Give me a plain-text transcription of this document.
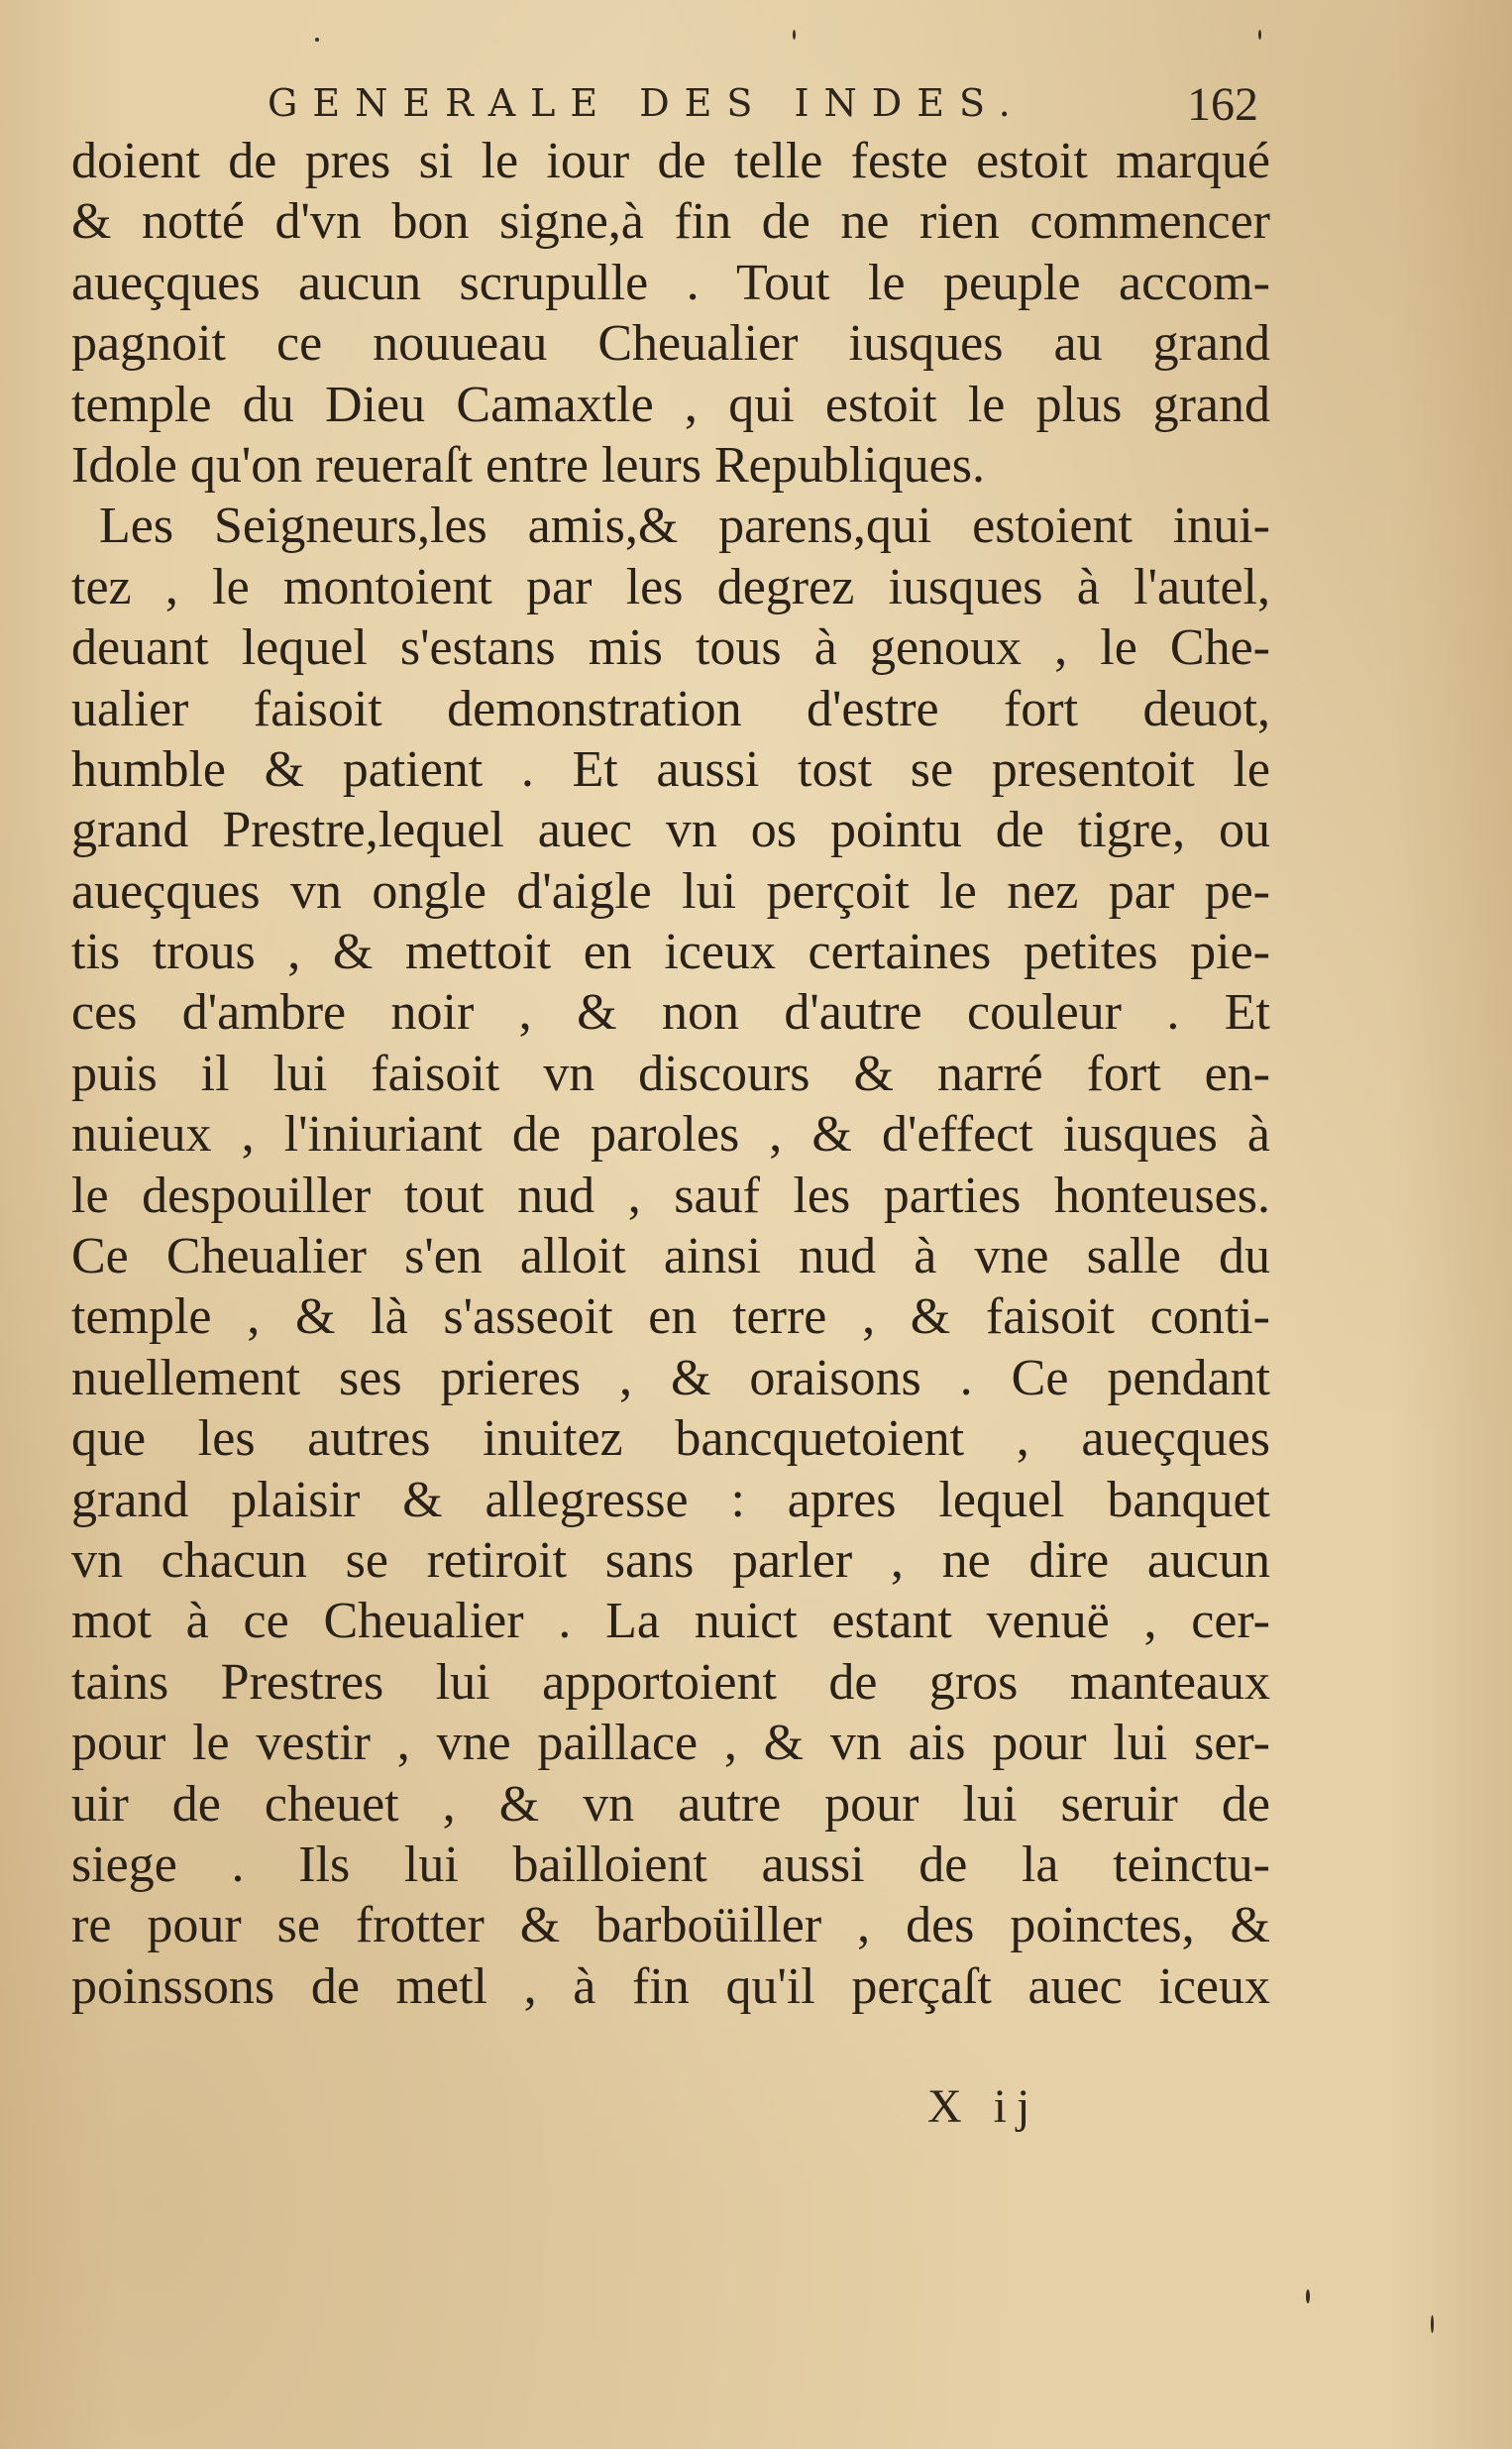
GENERALE DES INDES.	162
doient de pres si le iour de telle feste estoit marqué
& notté d'vn bon signe,à fin de ne rien commencer
aueçques aucun scrupulle . Tout le peuple accom-
pagnoit ce nouueau Cheualier iusques au grand
temple du Dieu Camaxtle , qui estoit le plus grand
Idole qu'on reueraſt entre leurs Republiques.
Les Seigneurs,les amis,& parens,qui estoient inui-
tez , le montoient par les degrez iusques à l'autel,
deuant lequel s'estans mis tous à genoux , le Che-
ualier faisoit demonstration d'estre fort deuot,
humble & patient . Et aussi tost se presentoit le
grand Prestre,lequel auec vn os pointu de tigre, ou
aueçques vn ongle d'aigle lui perçoit le nez par pe-
tis trous , & mettoit en iceux certaines petites pie-
ces d'ambre noir , & non d'autre couleur . Et
puis il lui faisoit vn discours & narré fort en-
nuieux , l'iniuriant de paroles , & d'effect iusques à
le despouiller tout nud , sauf les parties honteuses.
Ce Cheualier s'en alloit ainsi nud à vne salle du
temple , & là s'asseoit en terre , & faisoit conti-
nuellement ses prieres , & oraisons . Ce pendant
que les autres inuitez bancquetoient , aueçques
grand plaisir & allegresse : apres lequel banquet
vn chacun se retiroit sans parler , ne dire aucun
mot à ce Cheualier . La nuict estant venuë , cer-
tains Prestres lui apportoient de gros manteaux
pour le vestir , vne paillace , & vn ais pour lui ser-
uir de cheuet , & vn autre pour lui seruir de
siege . Ils lui bailloient aussi de la teinctu-
re pour se frotter & barboüiller , des poinctes, &
poinssons de metl , à fin qu'il perçaſt auec iceux
X ij
